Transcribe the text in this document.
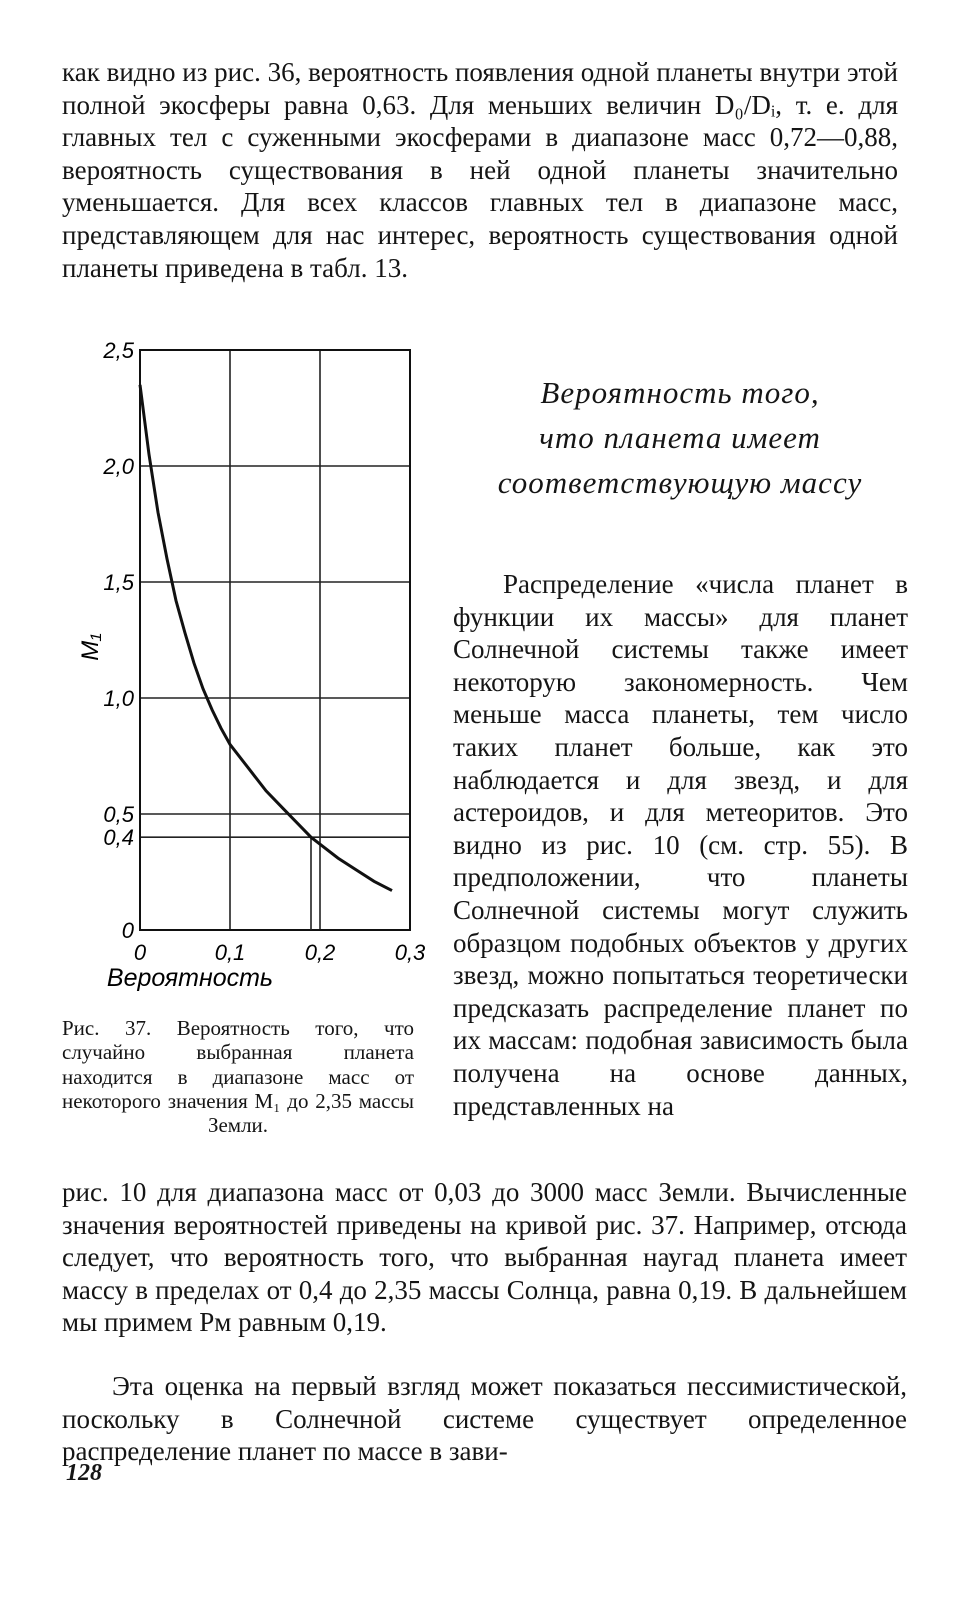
как видно из рис. 36, вероятность появления одной планеты внутри этой полной экосферы равна 0,63. Для меньших величин D₀/Dᵢ, т. е. для главных тел с суженными экосферами в диапазоне масс 0,72—0,88, вероятность существования в ней одной планеты значительно уменьшается. Для всех классов главных тел в диапазоне масс, представляющем для нас интерес, вероятность существования одной планеты приведена в табл. 13.

0
0,4
0,5
1,0
1,5
2,0
2,5
0	0,1	0,2	0,3
Вероятность
M₁
Вероятность того,
что планета имеет
соответствующую массу

Распределение «числа планет в функции их массы» для планет Солнечной системы также имеет некоторую закономерность. Чем меньше масса планеты, тем число таких планет больше, как это наблюдается и для звезд, и для астероидов, и для метеоритов. Это видно из рис. 10 (см. стр. 55). В предположении, что планеты Солнечной системы могут служить образцом подобных объектов у других звезд, можно попытаться теоретически предсказать распределение планет по их массам: подобная зависимость была получена на основе данных, представленных на

Рис. 37. Вероятность того, что случайно выбранная планета находится в диапазоне масс от некоторого значения M₁ до 2,35 массы Земли.

рис. 10 для диапазона масс от 0,03 до 3000 масс Земли. Вычисленные значения вероятностей приведены на кривой рис. 37. Например, отсюда следует, что вероятность того, что выбранная наугад планета имеет массу в пределах от 0,4 до 2,35 массы Солнца, равна 0,19. В дальнейшем мы примем Pм равным 0,19.

Эта оценка на первый взгляд может показаться пессимистической, поскольку в Солнечной системе существует определенное распределение планет по массе в зави-

128
